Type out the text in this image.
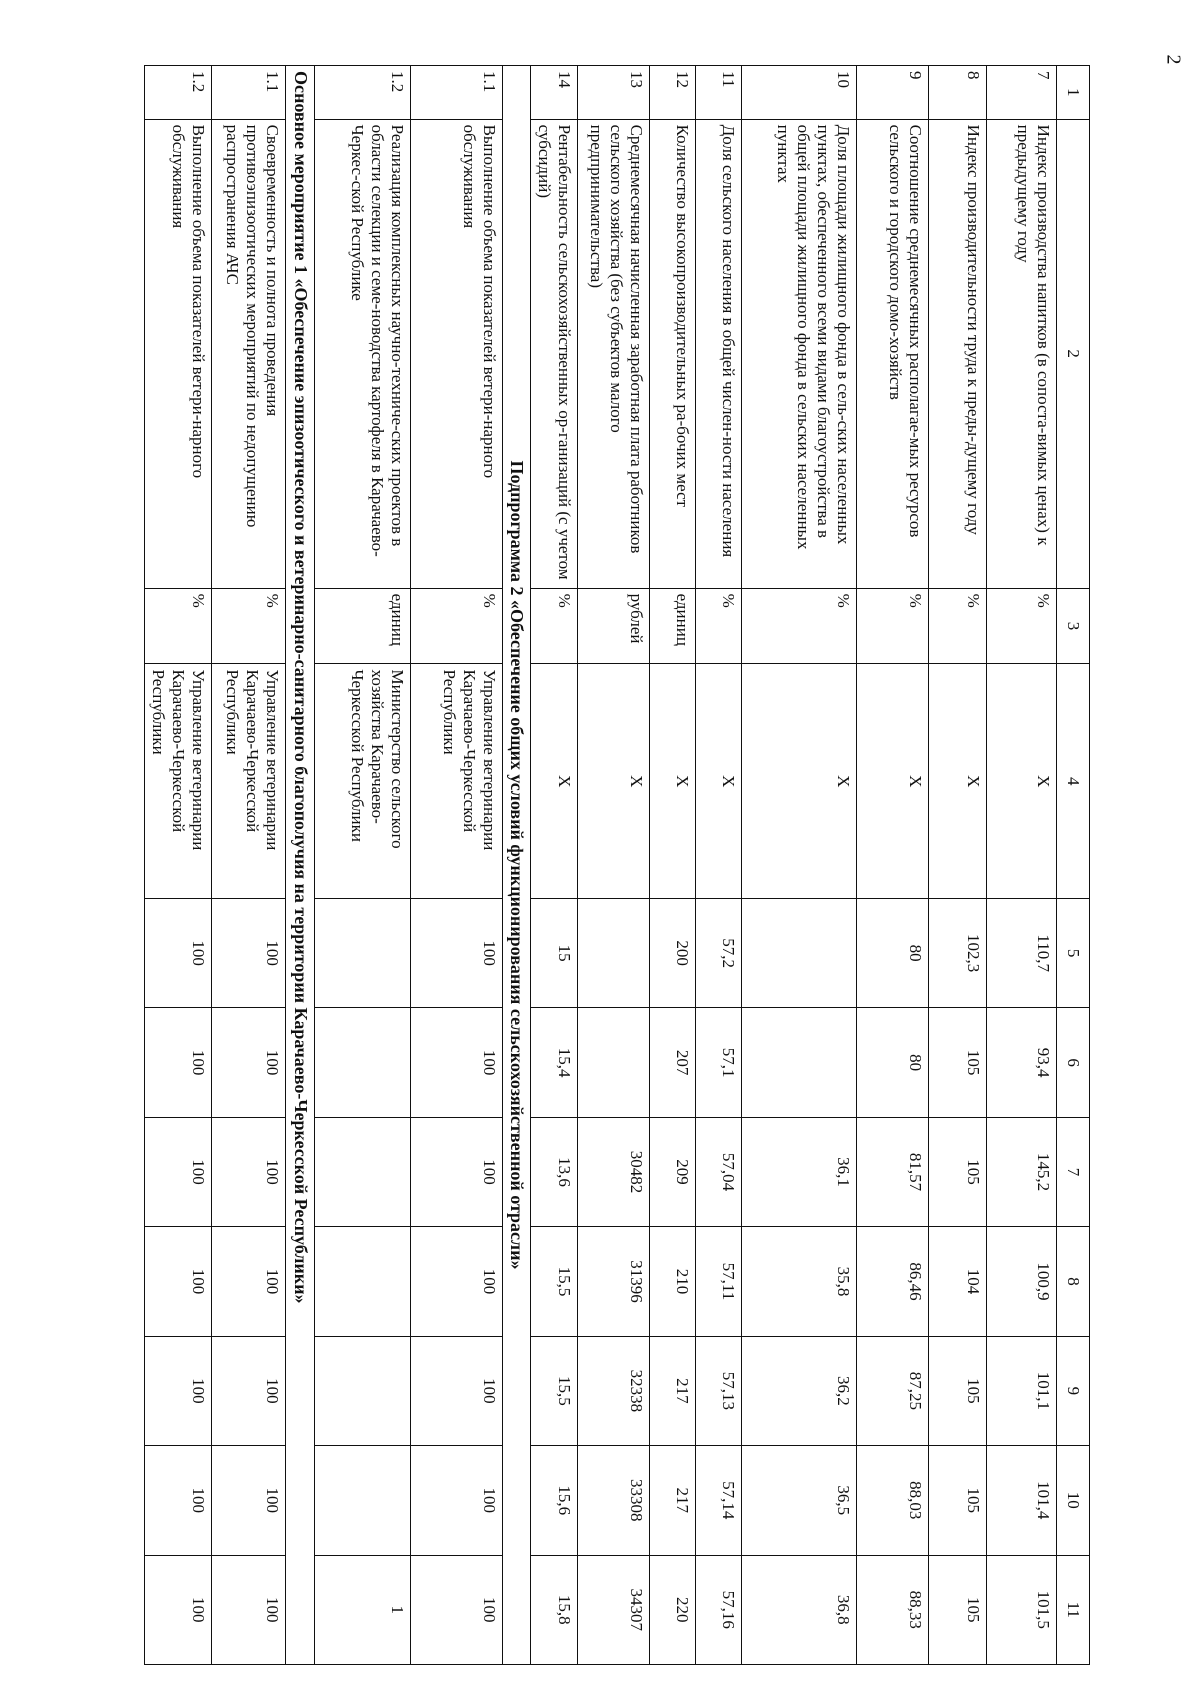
2
1	2	3	4	5	6	7	8	9	10	11
7	Индекс производства напитков (в сопоста-вимых ценах) к предыдущему году	%	Х	110,7	93,4	145,2	100,9	101,1	101,4	101,5
8	Индекс производительности труда к преды-дущему году	%	Х	102,3	105	105	104	105	105	105
9	Соотношение среднемесячных располагае-мых ресурсов сельского и городского домо-хозяйств	%	Х	80	80	81,57	86,46	87,25	88,03	88,33
10	Доля площади жилищного фонда в сель-ских населенных пунктах, обеспеченного всеми видами благоустройства в общей площади жилищного фонда в сельских населенных пунктах	%	Х			36,1	35,8	36,2	36,5	36,8
11	Доля сельского населения в общей числен-ности населения	%	Х	57,2	57,1	57,04	57,11	57,13	57,14	57,16
12	Количество высокопроизводительных ра-бочих мест	единиц	Х	200	207	209	210	217	217	220
13	Среднемесячная начисленная заработная плата работников сельского хозяйства (без субъектов малого предпринимательства)	рублей	Х			30482	31396	32338	33308	34307
14	Рентабельность сельскохозяйственных ор-ганизаций (с учетом субсидий)	%	Х	15	15,4	13,6	15,5	15,5	15,6	15,8
Подпрограмма 2 «Обеспечение общих условий функционирования сельскохозяйственной отрасли»										
1.1	Выполнение объема показателей ветери-нарного обслуживания	%	Управление ветеринарии Карачаево-Черкесской Республики	100	100	100	100	100	100	100
1.2	Реализация комплексных научно-техниче-ских проектов в области селекции и семе-новодства картофеля в Карачаево-Черкес-ской Республике	единиц	Министерство сельского хозяйства Карачаево-Черкесской Республики							1
Основное мероприятие 1 «Обеспечение эпизоотического и ветеринарно-санитарного благополучия на территории Карачаево-Черкесской Республики»										
1.1	Своевременность и полнота проведения противоэпизоотических мероприятий по недопущению распространения АЧС	%	Управление ветеринарии Карачаево-Черкесской Республики	100	100	100	100	100	100	100
1.2	Выполнение объема показателей ветери-нарного обслуживания	%	Управление ветеринарии Карачаево-Черкесской Республики	100	100	100	100	100	100	100
